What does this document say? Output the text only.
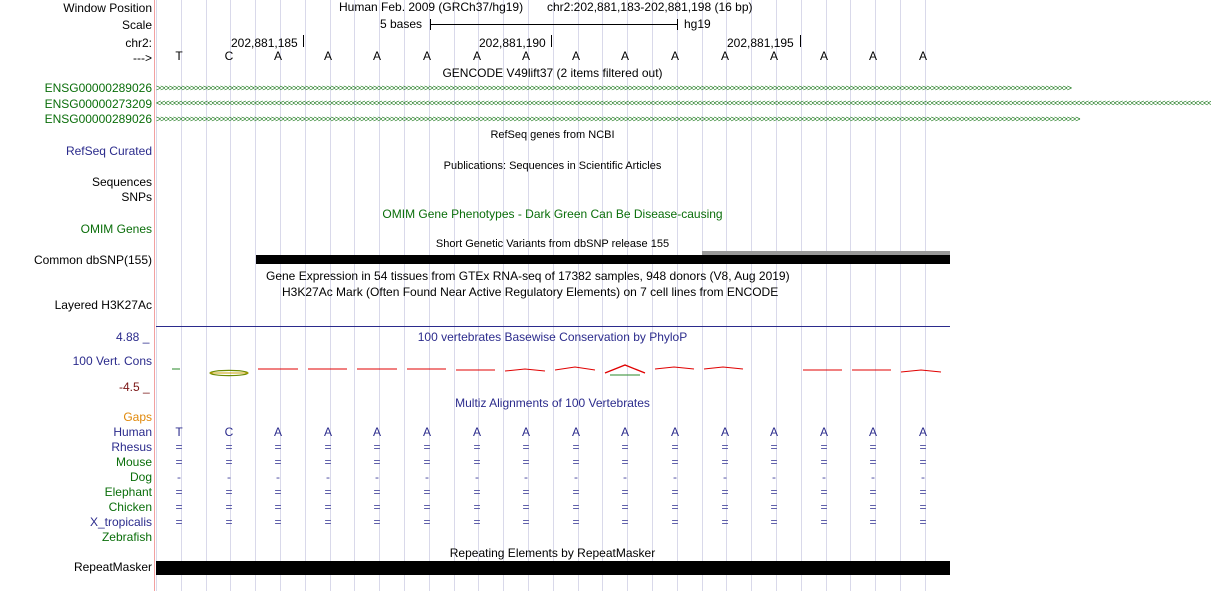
Window Position
Scale
chr2:
--->
Human Feb. 2009 (GRCh37/hg19) chr2:202,881,183-202,881,198 (16 bp)
5 bases	hg19
202,881,185	202,881,190	202,881,195
T	C	A	A	A	A	A	A	A	A	A	A	A	A	A	A
GENCODE V49lift37 (2 items filtered out)
ENSG00000289026
ENSG00000273209
ENSG00000289026
>>>>>>>>>>>>>>>>>>>>>>>>>>>>>>>>>>>>>>>>>>>>>>>>>>>>>>>>>>>>>>>>>>>>>>>>>>>>>>>>>>>>>>>>>>>>>>>>>>>>>>>>>>>>>>>>>>>>>>>>>>>>>>>>>>>>>>>>>>>>>>>>>>>>>>>>>>>>>>>>>>>>>>>>>>>>>>>>>>>>>>>>>>>>>>>>>>>>>>>>>>>>>>>>>>>>>>>
<<<<<<<<<<<<<<<<<<<<<<<<<<<<<<<<<<<<<<<<<<<<<<<<<<<<<<<<<<<<<<<<<<<<<<<<<<<<<<<<<<<<<<<<<<<<<<<<<<<<<<<<<<<<<<<<<<<<<<<<<<<<<<<<<<<<<<<<<<<<<<<<<<<<<<<<<<<<<<<<<<<<<<<<<<<<<<<<<<<<<<<<<<<<<<<<<<<<<<<<<<<<<<<<<<<<<<<<<<<<<<<<<<<<<<<<<<<<<<<<<<<<<<<<
>>>>>>>>>>>>>>>>>>>>>>>>>>>>>>>>>>>>>>>>>>>>>>>>>>>>>>>>>>>>>>>>>>>>>>>>>>>>>>>>>>>>>>>>>>>>>>>>>>>>>>>>>>>>>>>>>>>>>>>>>>>>>>>>>>>>>>>>>>>>>>>>>>>>>>>>>>>>>>>>>>>>>>>>>>>>>>>>>>>>>>>>>>>>>>>>>>>>>>>>>>>>>>>>>>>>>>>>>
RefSeq genes from NCBI
RefSeq Curated
Publications: Sequences in Scientific Articles
Sequences
SNPs
OMIM Gene Phenotypes - Dark Green Can Be Disease-causing
OMIM Genes
Short Genetic Variants from dbSNP release 155
Common dbSNP(155)
Gene Expression in 54 tissues from GTEx RNA-seq of 17382 samples, 948 donors (V8, Aug 2019)
H3K27Ac Mark (Often Found Near Active Regulatory Elements) on 7 cell lines from ENCODE
Layered H3K27Ac
100 vertebrates Basewise Conservation by PhyloP
4.88 _
100 Vert. Cons
-4.5 _
Gaps
Multiz Alignments of 100 Vertebrates
Human	T	C	A	A	A	A	A	A	A	A	A	A	A	A	A	A
Rhesus	=	=	=	=	=	=	=	=	=	=	=	=	=	=	=	=
Mouse	=	=	=	=	=	=	=	=	=	=	=	=	=	=	=	=
Dog	-	-	-	-	-	-	-	-	-	-	-	-	-	-	-	-
Elephant	=	=	=	=	=	=	=	=	=	=	=	=	=	=	=	=
Chicken	=	=	=	=	=	=	=	=	=	=	=	=	=	=	=	=
X_tropicalis	=	=	=	=	=	=	=	=	=	=	=	=	=	=	=	=
Zebrafish
Repeating Elements by RepeatMasker
RepeatMasker
